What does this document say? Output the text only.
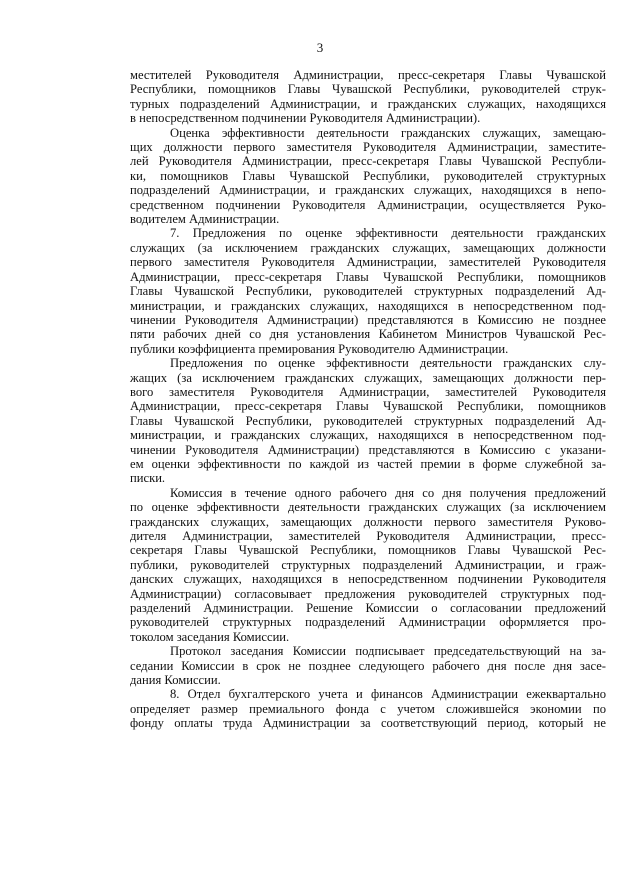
3
местителей Руководителя Администрации, пресс-секретаря Главы Чувашской
Республики, помощников Главы Чувашской Республики, руководителей струк-
турных подразделений Администрации, и гражданских служащих, находящихся
в непосредственном подчинении Руководителя Администрации).
Оценка эффективности деятельности гражданских служащих, замещаю-
щих должности первого заместителя Руководителя Администрации, заместите-
лей Руководителя Администрации, пресс-секретаря Главы Чувашской Республи-
ки, помощников Главы Чувашской Республики, руководителей структурных
подразделений Администрации, и гражданских служащих, находящихся в непо-
средственном подчинении Руководителя Администрации, осуществляется Руко-
водителем Администрации.
7. Предложения по оценке эффективности деятельности гражданских
служащих (за исключением гражданских служащих, замещающих должности
первого заместителя Руководителя Администрации, заместителей Руководителя
Администрации, пресс-секретаря Главы Чувашской Республики, помощников
Главы Чувашской Республики, руководителей структурных подразделений Ад-
министрации, и гражданских служащих, находящихся в непосредственном под-
чинении Руководителя Администрации) представляются в Комиссию не позднее
пяти рабочих дней со дня установления Кабинетом Министров Чувашской Рес-
публики коэффициента премирования Руководителю Администрации.
Предложения по оценке эффективности деятельности гражданских слу-
жащих (за исключением гражданских служащих, замещающих должности пер-
вого заместителя Руководителя Администрации, заместителей Руководителя
Администрации, пресс-секретаря Главы Чувашской Республики, помощников
Главы Чувашской Республики, руководителей структурных подразделений Ад-
министрации, и гражданских служащих, находящихся в непосредственном под-
чинении Руководителя Администрации) представляются в Комиссию с указани-
ем оценки эффективности по каждой из частей премии в форме служебной за-
писки.
Комиссия в течение одного рабочего дня со дня получения предложений
по оценке эффективности деятельности гражданских служащих (за исключением
гражданских служащих, замещающих должности первого заместителя Руково-
дителя Администрации, заместителей Руководителя Администрации, пресс-
секретаря Главы Чувашской Республики, помощников Главы Чувашской Рес-
публики, руководителей структурных подразделений Администрации, и граж-
данских служащих, находящихся в непосредственном подчинении Руководителя
Администрации) согласовывает предложения руководителей структурных под-
разделений Администрации. Решение Комиссии о согласовании предложений
руководителей структурных подразделений Администрации оформляется про-
токолом заседания Комиссии.
Протокол заседания Комиссии подписывает председательствующий на за-
седании Комиссии в срок не позднее следующего рабочего дня после дня засе-
дания Комиссии.
8. Отдел бухгалтерского учета и финансов Администрации ежеквартально
определяет размер премиального фонда с учетом сложившейся экономии по
фонду оплаты труда Администрации за соответствующий период, который не
